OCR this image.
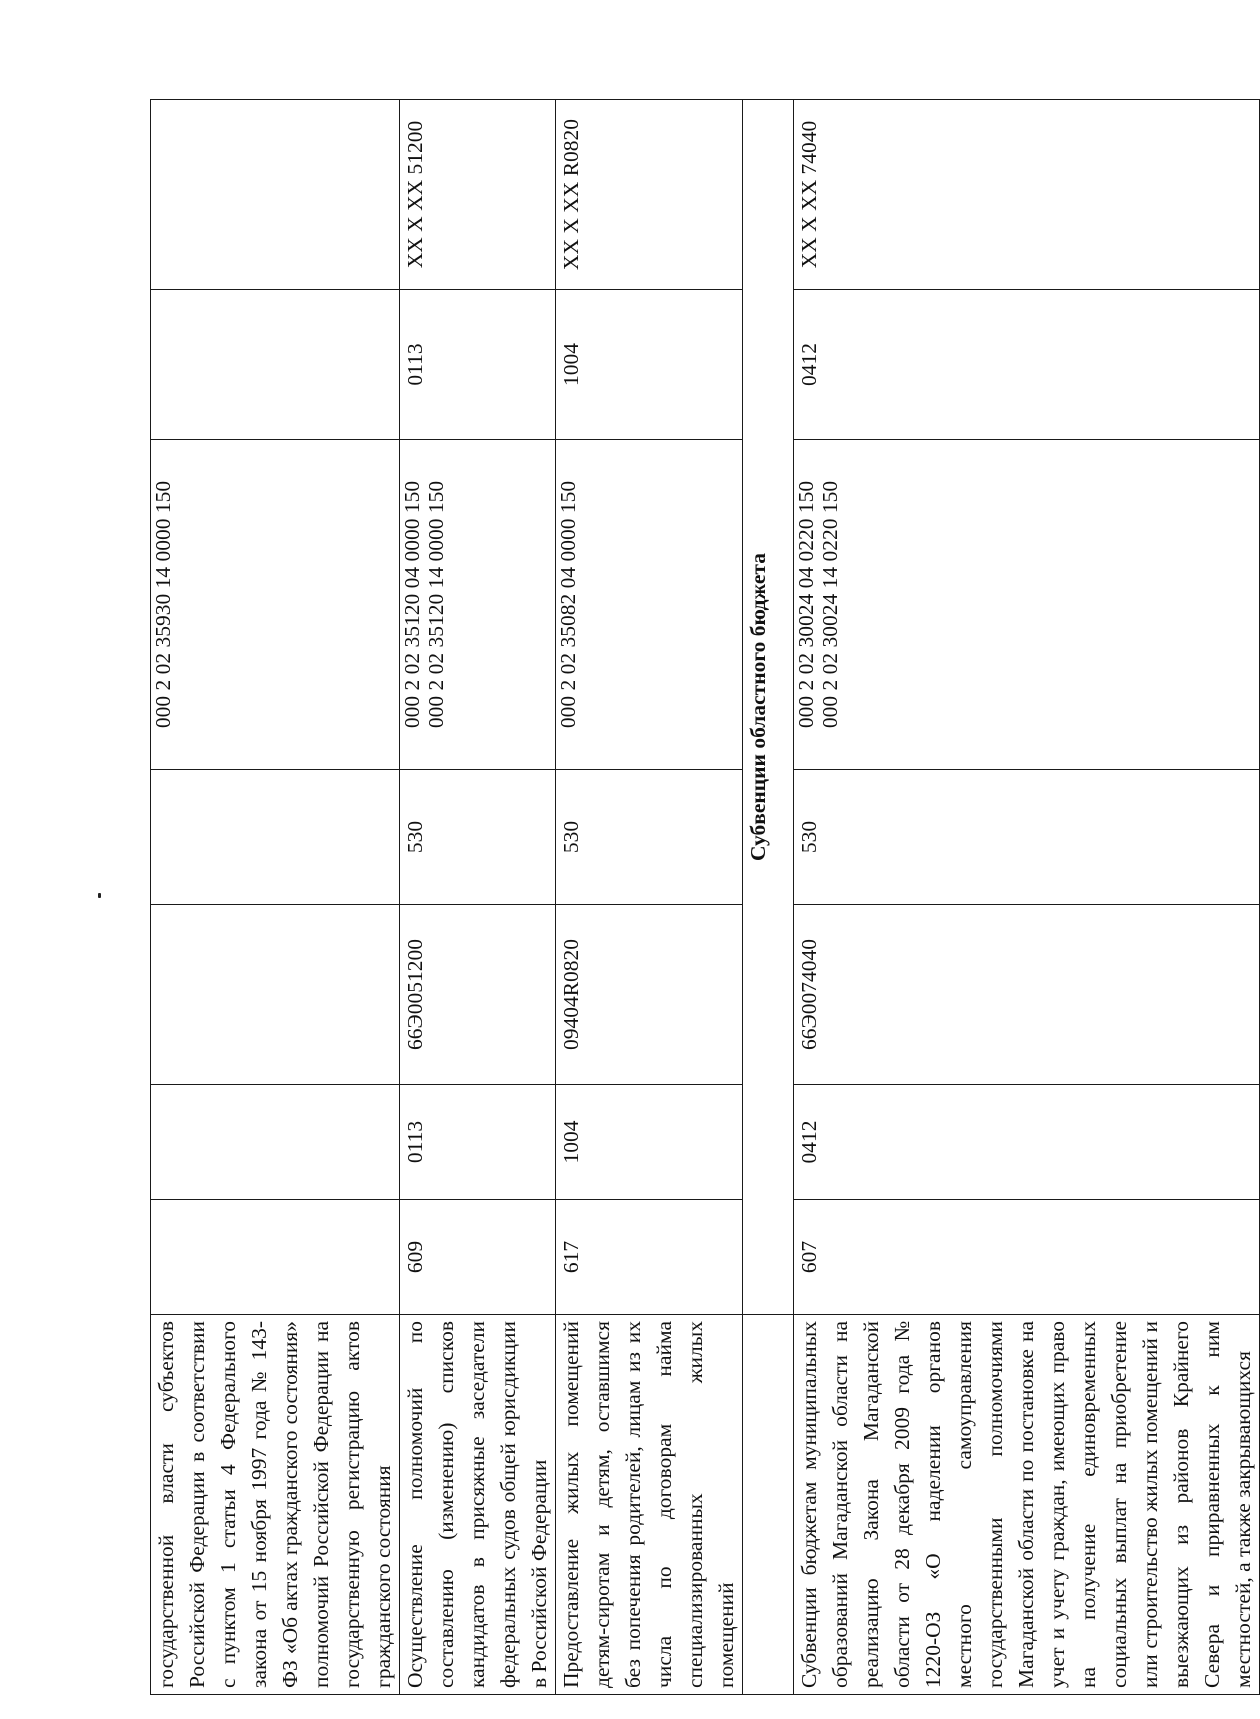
государственной власти субъектов Российской Федерации в соответствии с пунктом 1 статьи 4 Федерального закона от 15 ноября 1997 года № 143-ФЗ «Об актах гражданского состояния» полномочий Российской Федерации на государственную регистрацию актов гражданского состояния					000 2 02 35930 14 0000 150		

Осуществление полномочий по составлению (изменению) списков кандидатов в присяжные заседатели федеральных судов общей юрисдикции в Российской Федерации	609	0113	66Э0051200	530	000 2 02 35120 04 0000 150 000 2 02 35120 14 0000 150	0113	XX X XX 51200
Предоставление жилых помещений детям-сиротам и детям, оставшимся без попечения родителей, лицам из их числа по договорам найма специализированных жилых помещений	617	1004	09404R0820	530	000 2 02 35082 04 0000 150	1004	XX X XX R0820
	Субвенции областного бюджета						
Субвенции бюджетам муниципальных образований Магаданской области на реализацию Закона Магаданской области от 28 декабря 2009 года № 1220-ОЗ «О наделении органов местного самоуправления государственными полномочиями Магаданской области по постановке на учет и учету граждан, имеющих право на получение единовременных социальных выплат на приобретение или строительство жилых помещений и выезжающих из районов Крайнего Севера и приравненных к ним местностей, а также закрывающихся	607	0412	66Э0074040	530	000 2 02 30024 04 0220 150 000 2 02 30024 14 0220 150	0412	XX X XX 74040
